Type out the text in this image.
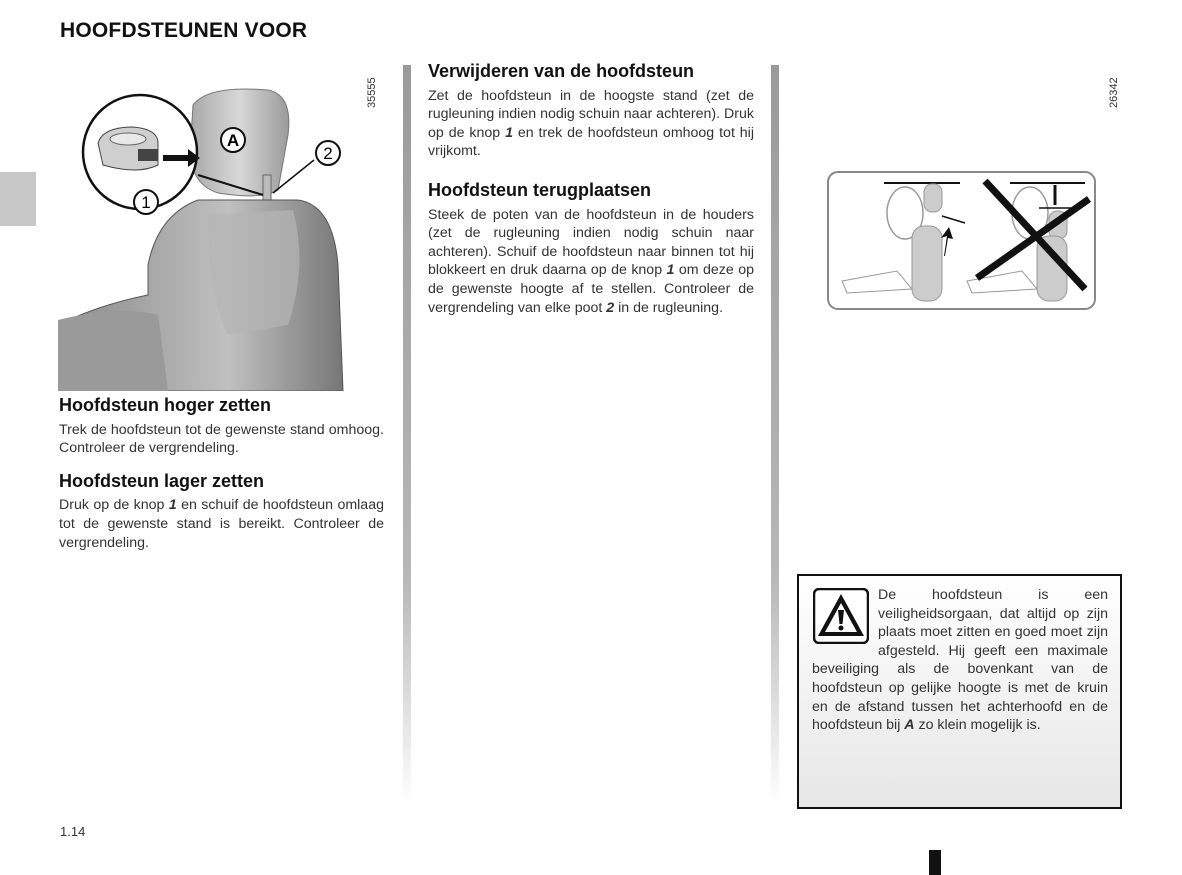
HOOFDSTEUNEN VOOR
A
2
1
35555	26342
Hoofdsteun hoger zetten

Trek de hoofdsteun tot de gewenste stand omhoog. Controleer de vergrendeling.

Hoofdsteun lager zetten

Druk op de knop 1 en schuif de hoofdsteun omlaag tot de gewenste stand is bereikt. Controleer de vergrendeling.

Verwijderen van de hoofdsteun

Zet de hoofdsteun in de hoogste stand (zet de rugleuning indien nodig schuin naar achteren). Druk op de knop 1 en trek de hoofdsteun omhoog tot hij vrijkomt.

Hoofdsteun terugplaatsen

Steek de poten van de hoofdsteun in de houders (zet de rugleuning indien nodig schuin naar achteren). Schuif de hoofdsteun naar binnen tot hij blokkeert en druk daarna op de knop 1 om deze op de gewenste hoogte af te stellen. Controleer de vergrendeling van elke poot 2 in de rugleuning.

De hoofdsteun is een veiligheidsorgaan, dat altijd op zijn plaats moet zitten en goed moet zijn afgesteld. Hij geeft een maximale beveiliging als de bovenkant van de hoofdsteun op gelijke hoogte is met de kruin en de afstand tussen het achterhoofd en de hoofdsteun bij A zo klein mogelijk is.
1.14
